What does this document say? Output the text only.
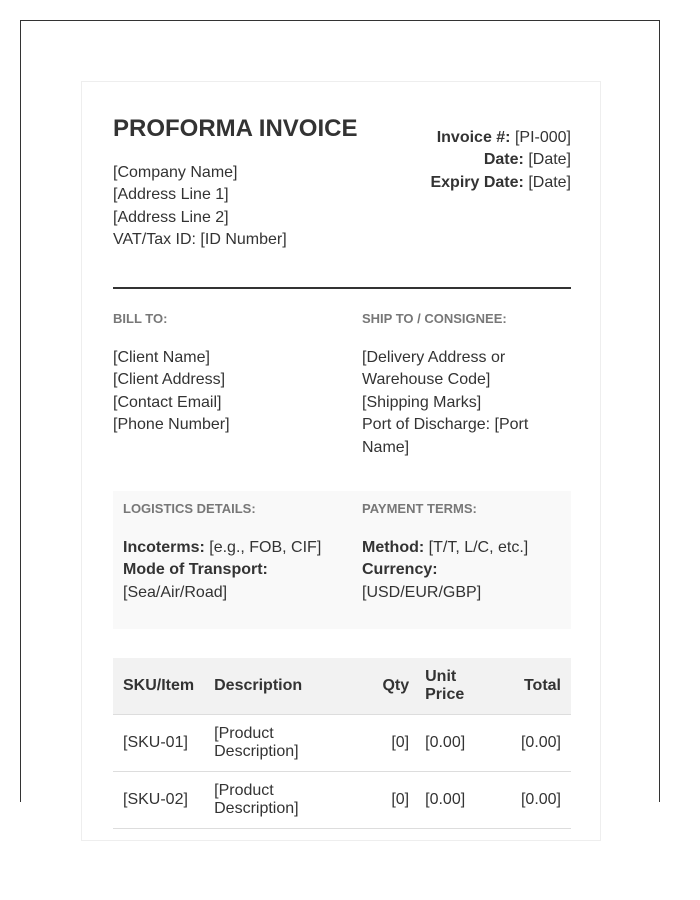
PROFORMA INVOICE
[Company Name]
[Address Line 1]
[Address Line 2]
VAT/Tax ID: [ID Number]
Invoice #: [PI-000]
Date: [Date]
Expiry Date: [Date]
BILL TO:
[Client Name]
[Client Address]
[Contact Email]
[Phone Number]
SHIP TO / CONSIGNEE:
[Delivery Address or Warehouse Code]
[Shipping Marks]
Port of Discharge: [Port Name]
LOGISTICS DETAILS:
Incoterms: [e.g., FOB, CIF]
Mode of Transport:
[Sea/Air/Road]
PAYMENT TERMS:
Method: [T/T, L/C, etc.]
Currency:
[USD/EUR/GBP]
SKU/Item	Description	Qty	Unit Price	Total
[SKU-01]	[Product Description]	[0]	[0.00]	[0.00]
[SKU-02]	[Product Description]	[0]	[0.00]	[0.00]
